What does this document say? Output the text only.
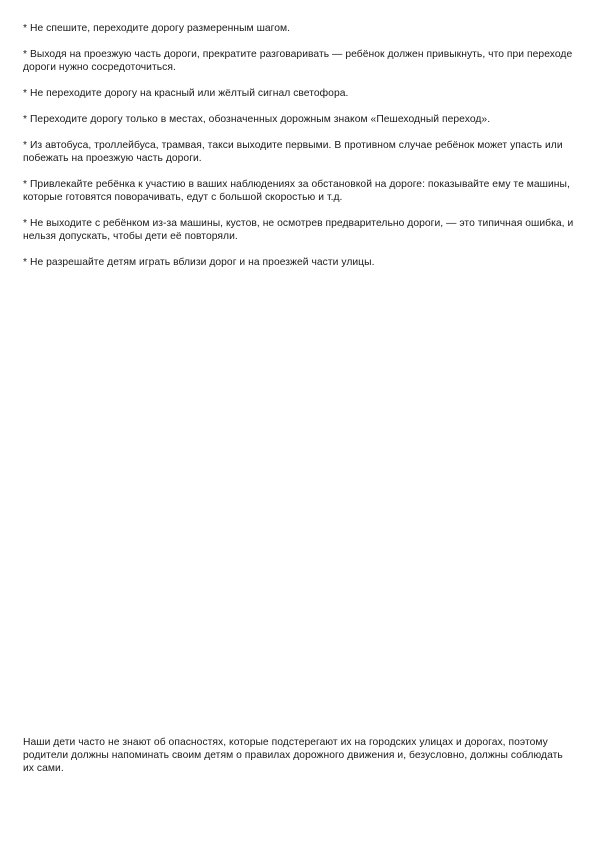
* Не спешите, переходите дорогу размеренным шагом.

* Выходя на проезжую часть дороги, прекратите разговаривать — ребёнок должен привыкнуть, что при переходе дороги нужно сосредоточиться.

* Не переходите дорогу на красный или жёлтый сигнал светофора.

* Переходите дорогу только в местах, обозначенных дорожным знаком «Пешеходный переход».

* Из автобуса, троллейбуса, трамвая, такси выходите первыми. В противном случае ребёнок может упасть или побежать на проезжую часть дороги.

* Привлекайте ребёнка к участию в ваших наблюдениях за обстановкой на дороге: показывайте ему те машины, которые готовятся поворачивать, едут с большой скоростью и т.д.

* Не выходите с ребёнком из-за машины, кустов, не осмотрев предварительно дороги, — это типичная ошибка, и нельзя допускать, чтобы дети её повторяли.

* Не разрешайте детям играть вблизи дорог и на проезжей части улицы.

Наши дети часто не знают об опасностях, которые подстерегают их на городских улицах и дорогах, поэтому родители должны напоминать своим детям о правилах дорожного движения и, безусловно, должны соблюдать их сами.
